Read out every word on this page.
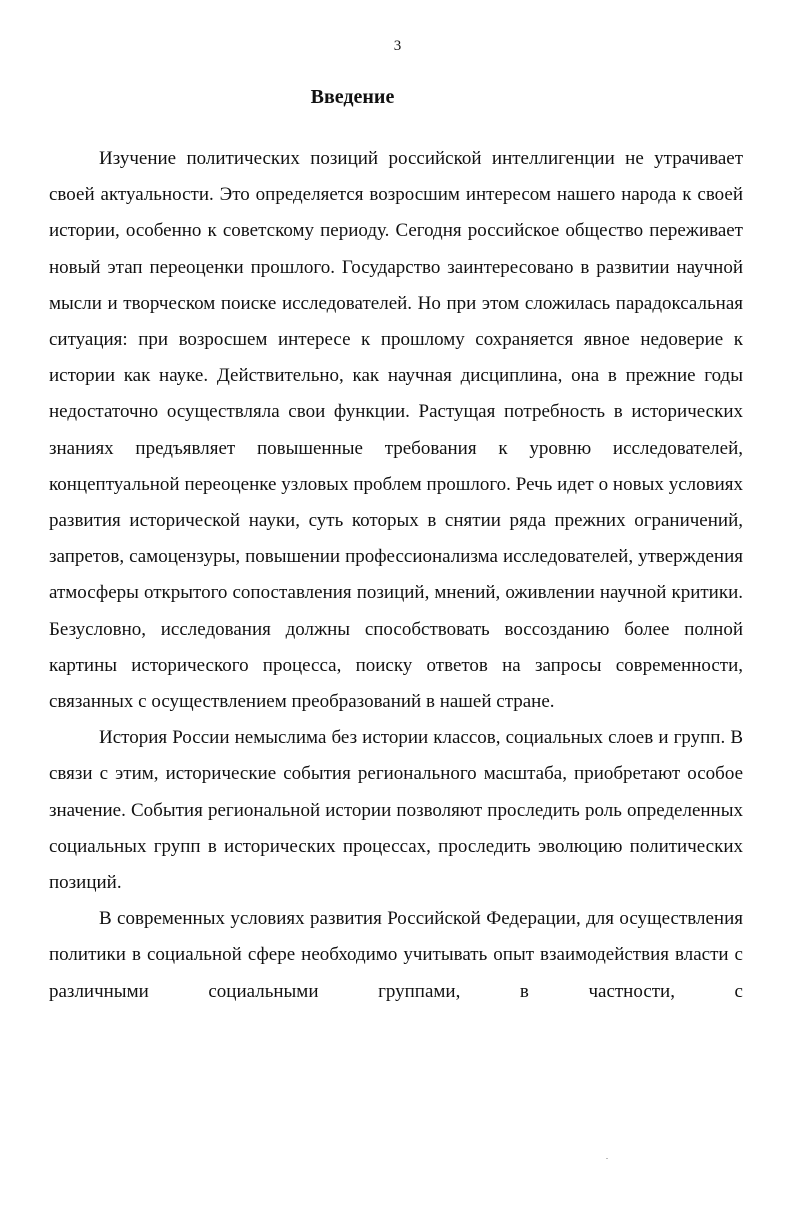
3
Введение

Изучение политических позиций российской интеллигенции не утрачивает своей актуальности. Это определяется возросшим интересом нашего народа к своей истории, особенно к советскому периоду. Сегодня российское общество переживает новый этап переоценки прошлого. Государство заинтересовано в развитии научной мысли и творческом поиске исследователей. Но при этом сложилась парадоксальная ситуация: при возросшем интересе к прошлому сохраняется явное недоверие к истории как науке. Действительно, как научная дисциплина, она в прежние годы недостаточно осуществляла свои функции. Растущая потребность в исторических знаниях предъявляет повышенные требования к уровню исследователей, концептуальной переоценке узловых проблем прошлого. Речь идет о новых условиях развития исторической науки, суть которых в снятии ряда прежних ограничений, запретов, самоцензуры, повышении профессионализма исследователей, утверждения атмосферы открытого сопоставления позиций, мнений, оживлении научной критики. Безусловно, исследования должны способствовать воссозданию более полной картины исторического процесса, поиску ответов на запросы современности, связанных с осуществлением преобразований в нашей стране.

История России немыслима без истории классов, социальных слоев и групп. В связи с этим, исторические события регионального масштаба, приобретают особое значение. События региональной истории позволяют проследить роль определенных социальных групп в исторических процессах, проследить эволюцию политических позиций.

В современных условиях развития Российской Федерации, для осуществления политики в социальной сфере необходимо учитывать опыт взаимодействия власти с различными социальными группами, в частности, с
